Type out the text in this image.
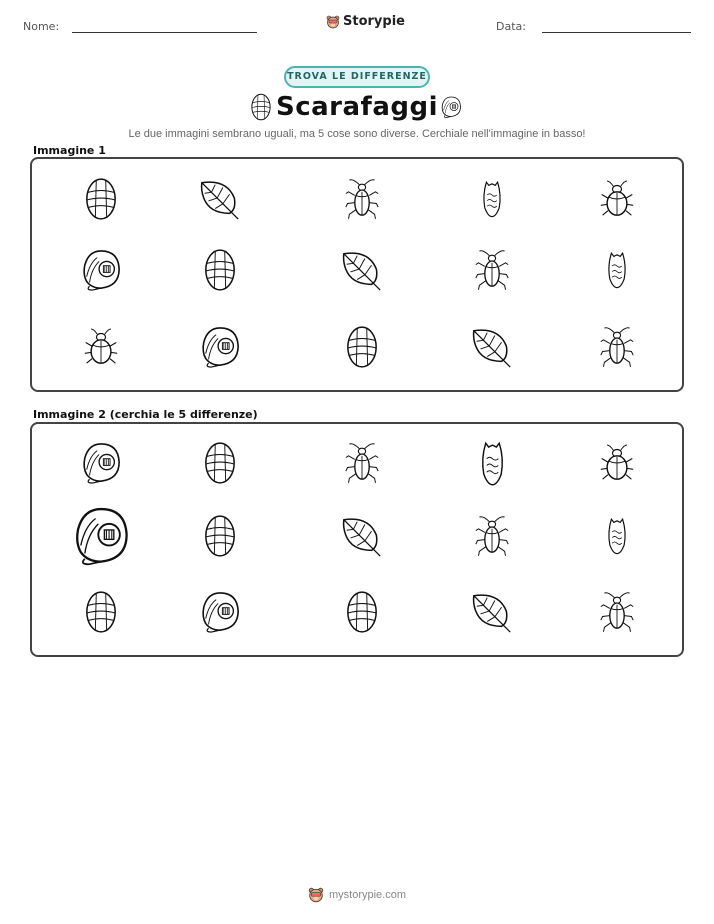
Nome:	Storypie	Data:
TROVA LE DIFFERENZE
Scarafaggi
Le due immagini sembrano uguali, ma 5 cose sono diverse. Cerchiale nell'immagine in basso!
Immagine 1
Immagine 2 (cerchia le 5 differenze)
mystorypie.com
